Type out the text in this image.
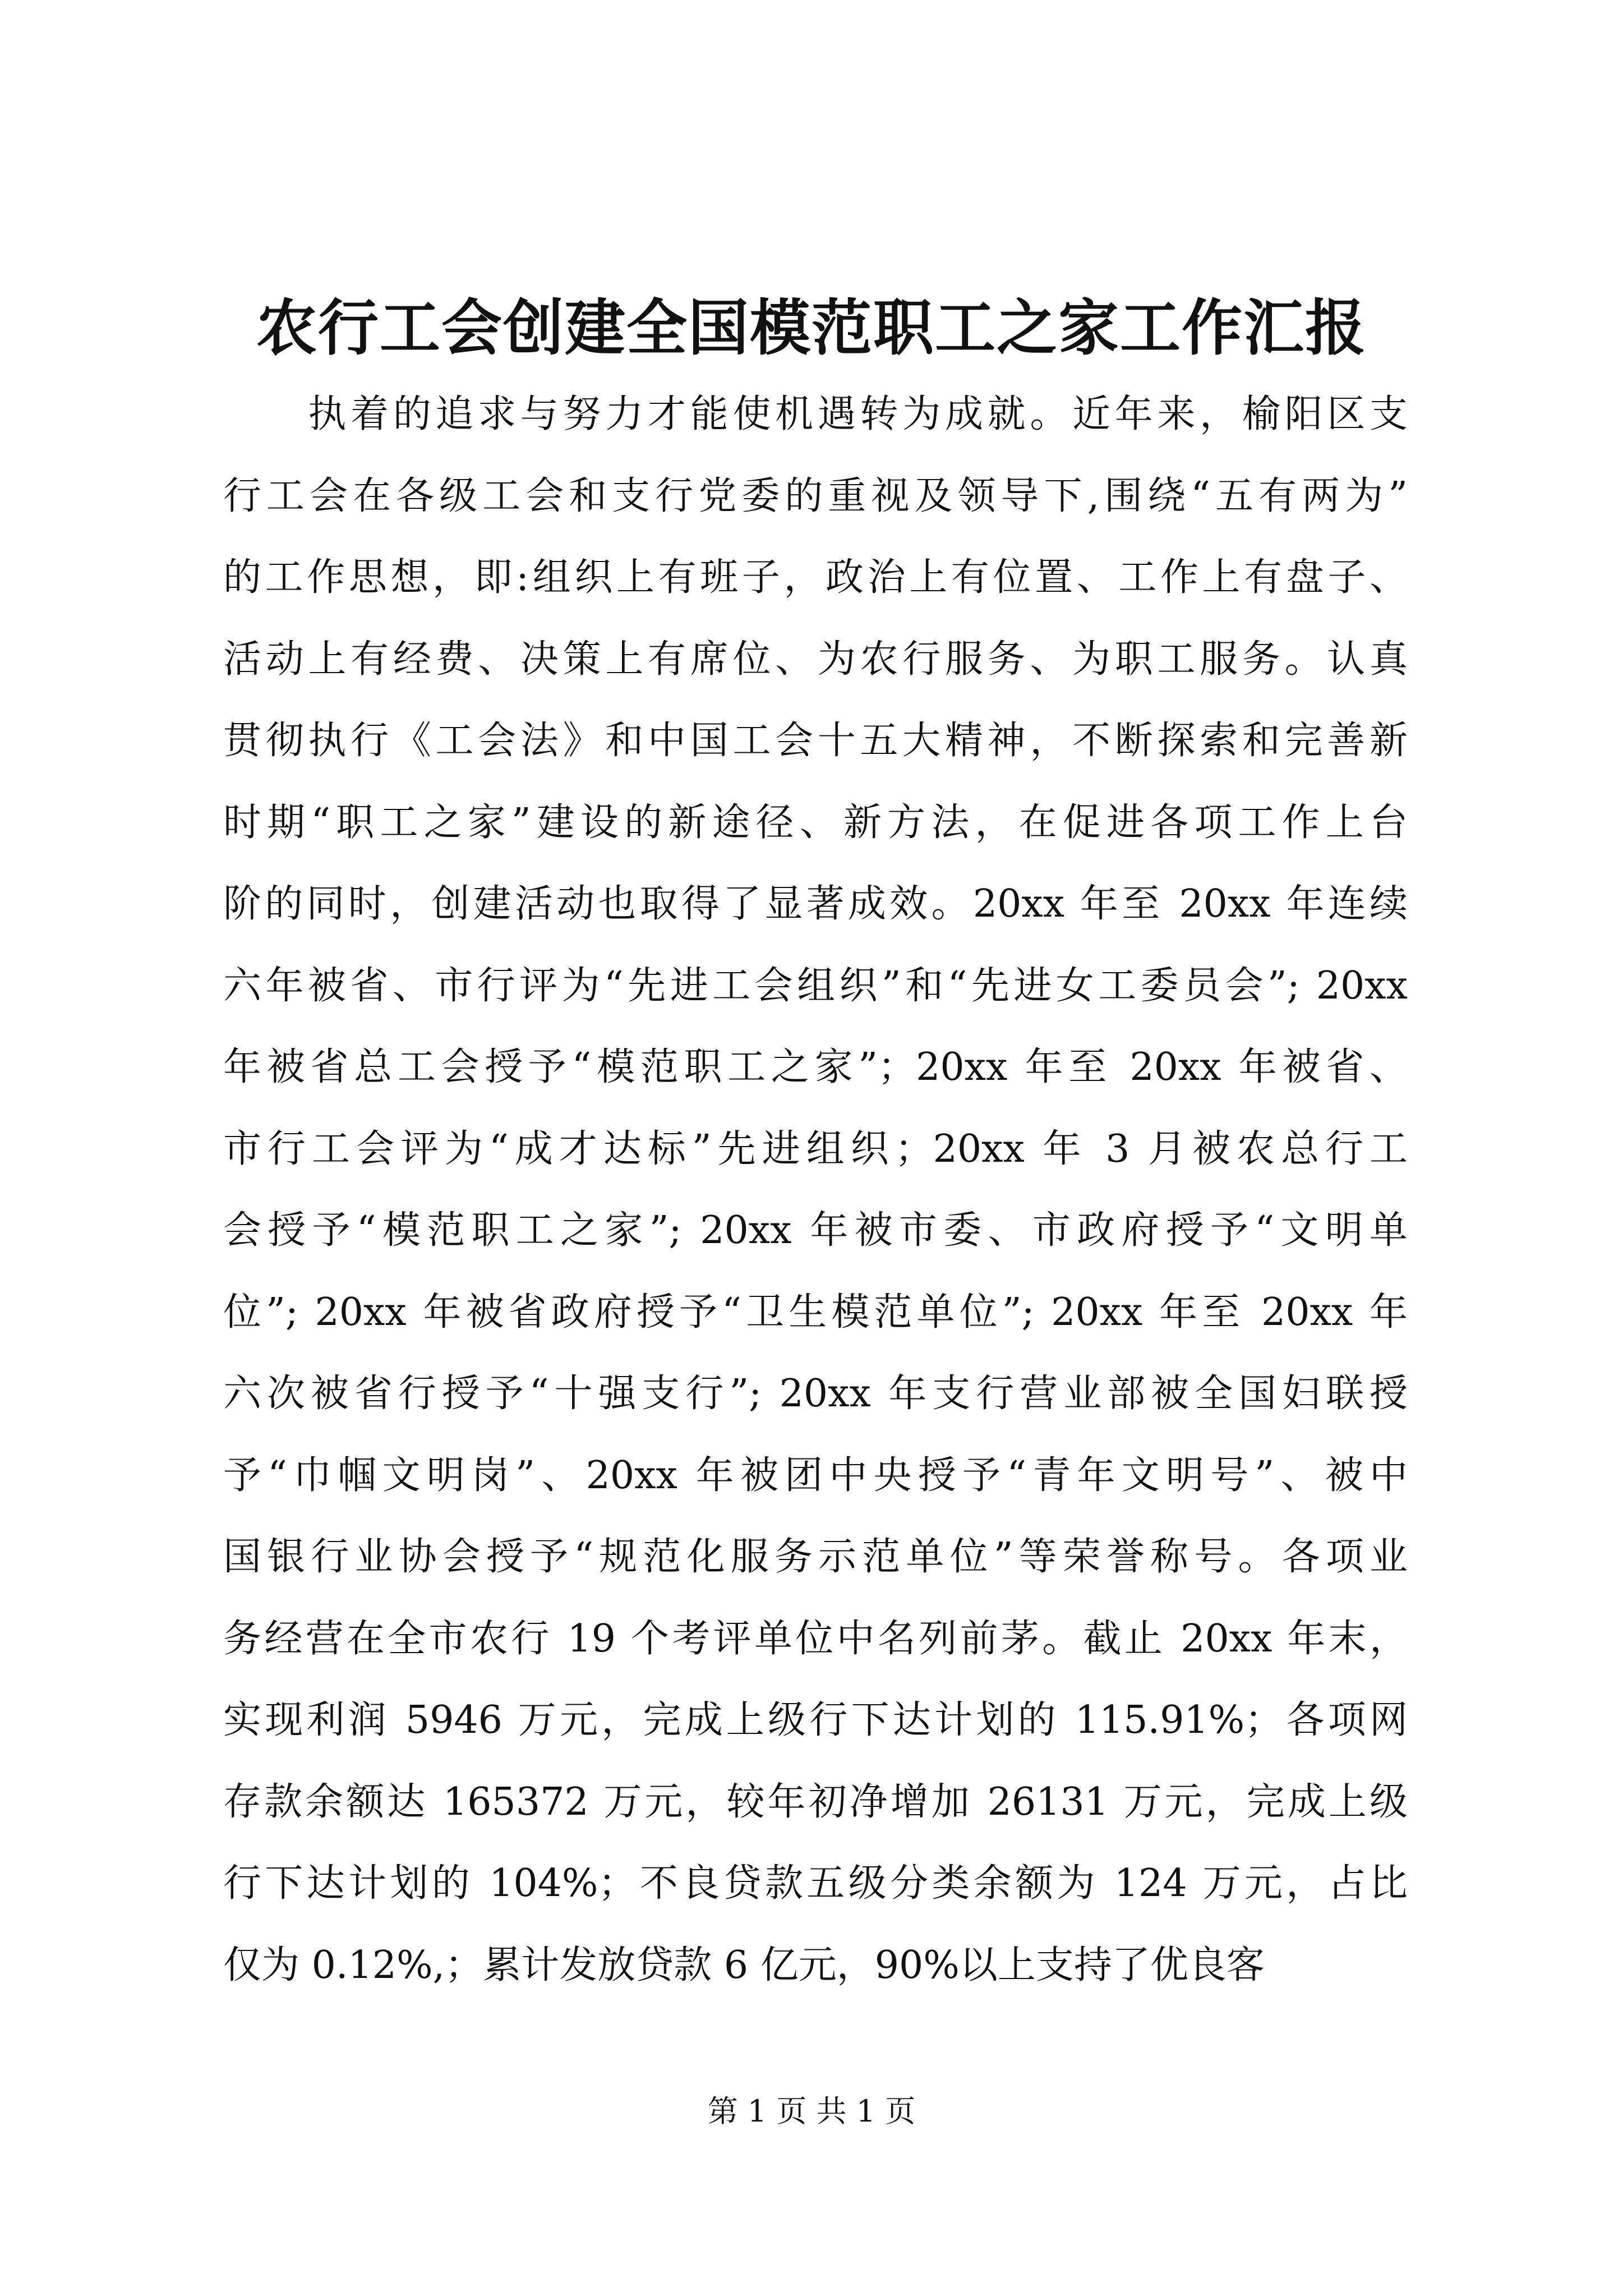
农行工会创建全国模范职工之家工作汇报
　　执着的追求与努力才能使机遇转为成就。近年来，榆阳区支
行工会在各级工会和支行党委的重视及领导下,围绕“五有两为”
的工作思想，即:组织上有班子，政治上有位置、工作上有盘子、
活动上有经费、决策上有席位、为农行服务、为职工服务。认真
贯彻执行《工会法》和中国工会十五大精神，不断探索和完善新
时期“职工之家”建设的新途径、新方法，在促进各项工作上台
阶的同时，创建活动也取得了显著成效。20xx 年至 20xx 年连续
六年被省、市行评为“先进工会组织”和“先进女工委员会”; 20xx
年被省总工会授予“模范职工之家”；20xx 年至 20xx 年被省、
市行工会评为“成才达标”先进组织；20xx 年 3 月被农总行工
会授予“模范职工之家”; 20xx 年被市委、市政府授予“文明单
位”; 20xx 年被省政府授予“卫生模范单位”; 20xx 年至 20xx 年
六次被省行授予“十强支行”; 20xx 年支行营业部被全国妇联授
予“巾帼文明岗”、20xx 年被团中央授予“青年文明号”、被中
国银行业协会授予“规范化服务示范单位”等荣誉称号。各项业
务经营在全市农行 19 个考评单位中名列前茅。截止 20xx 年末，
实现利润 5946 万元，完成上级行下达计划的 115.91%；各项网
存款余额达 165372 万元，较年初净增加 26131 万元，完成上级
行下达计划的 104%；不良贷款五级分类余额为 124 万元，占比
仅为 0.12%,；累计发放贷款 6 亿元，90%以上支持了优良客
第 1 页 共 1 页
